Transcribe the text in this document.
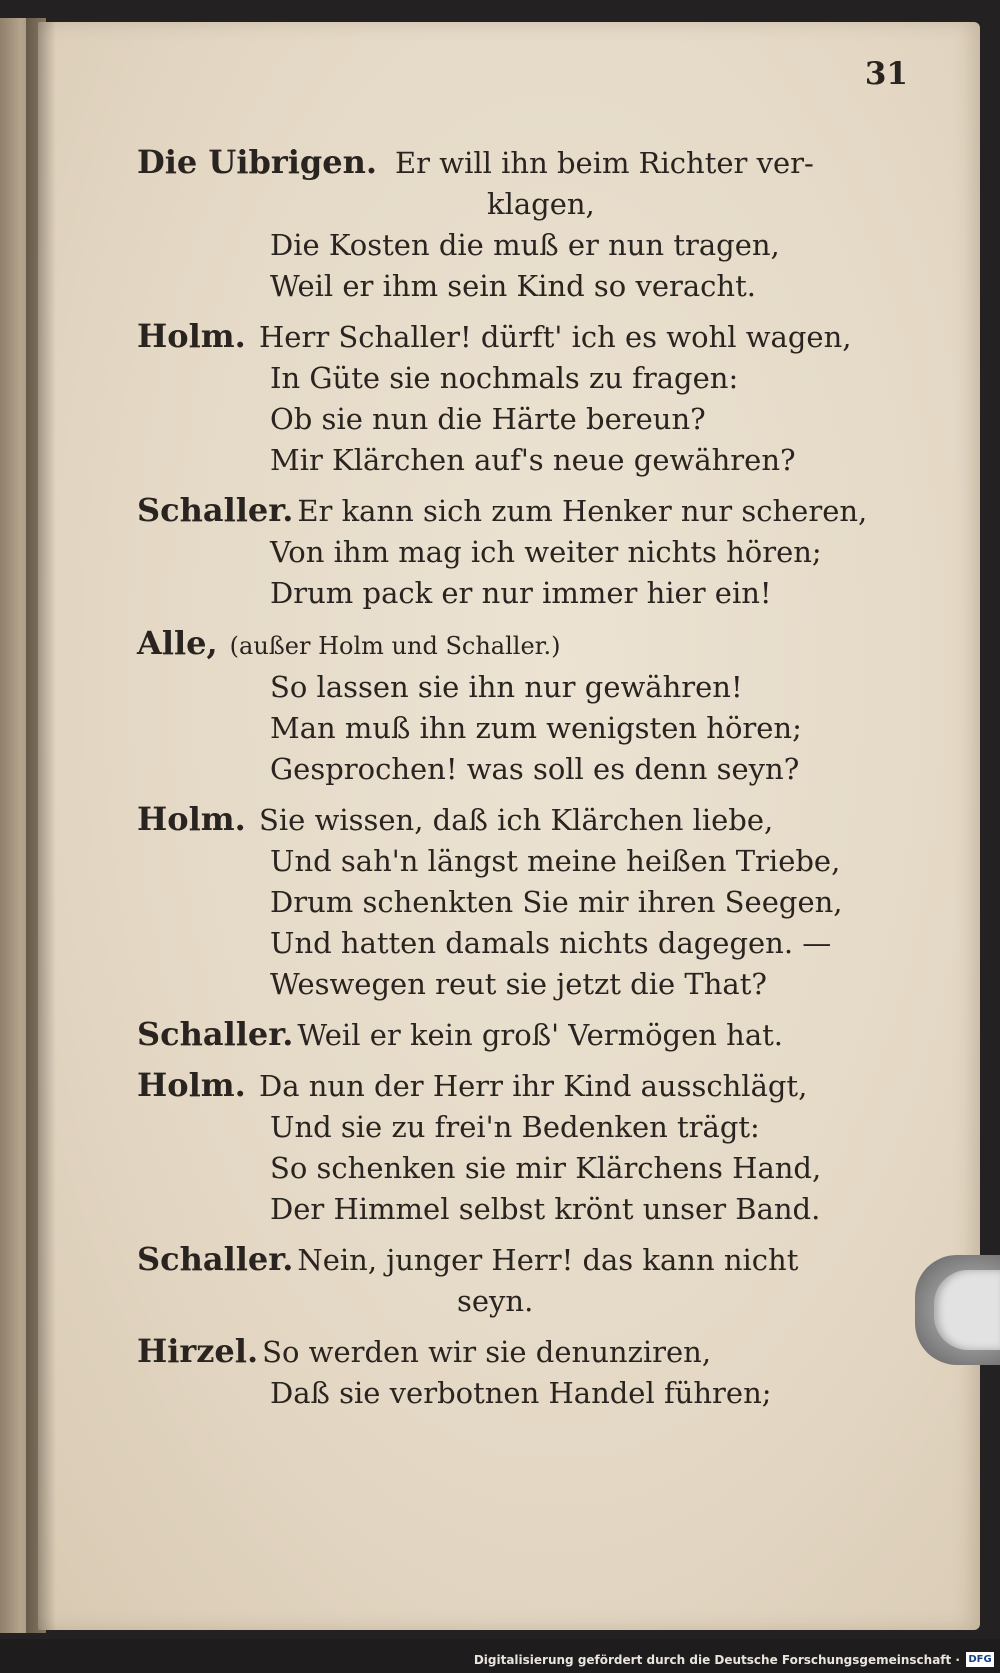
31
Die Uibrigen. Er will ihn beim Richter ver-
klagen,
Die Kosten die muß er nun tragen,
Weil er ihm sein Kind so veracht.
Holm. Herr Schaller! dürft' ich es wohl wagen,
In Güte sie nochmals zu fragen:
Ob sie nun die Härte bereun?
Mir Klärchen auf's neue gewähren?
Schaller. Er kann sich zum Henker nur scheren,
Von ihm mag ich weiter nichts hören;
Drum pack er nur immer hier ein!
Alle, (außer Holm und Schaller.)
So lassen sie ihn nur gewähren!
Man muß ihn zum wenigsten hören;
Gesprochen! was soll es denn seyn?
Holm. Sie wissen, daß ich Klärchen liebe,
Und sah'n längst meine heißen Triebe,
Drum schenkten Sie mir ihren Seegen,
Und hatten damals nichts dagegen. —
Weswegen reut sie jetzt die That?
Schaller. Weil er kein groß' Vermögen hat.
Holm. Da nun der Herr ihr Kind ausschlägt,
Und sie zu frei'n Bedenken trägt:
So schenken sie mir Klärchens Hand,
Der Himmel selbst krönt unser Band.
Schaller. Nein, junger Herr! das kann nicht
seyn.
Hirzel. So werden wir sie denunziren,
Daß sie verbotnen Handel führen;
Digitalisierung gefördert durch die Deutsche Forschungsgemeinschaft · DFG
